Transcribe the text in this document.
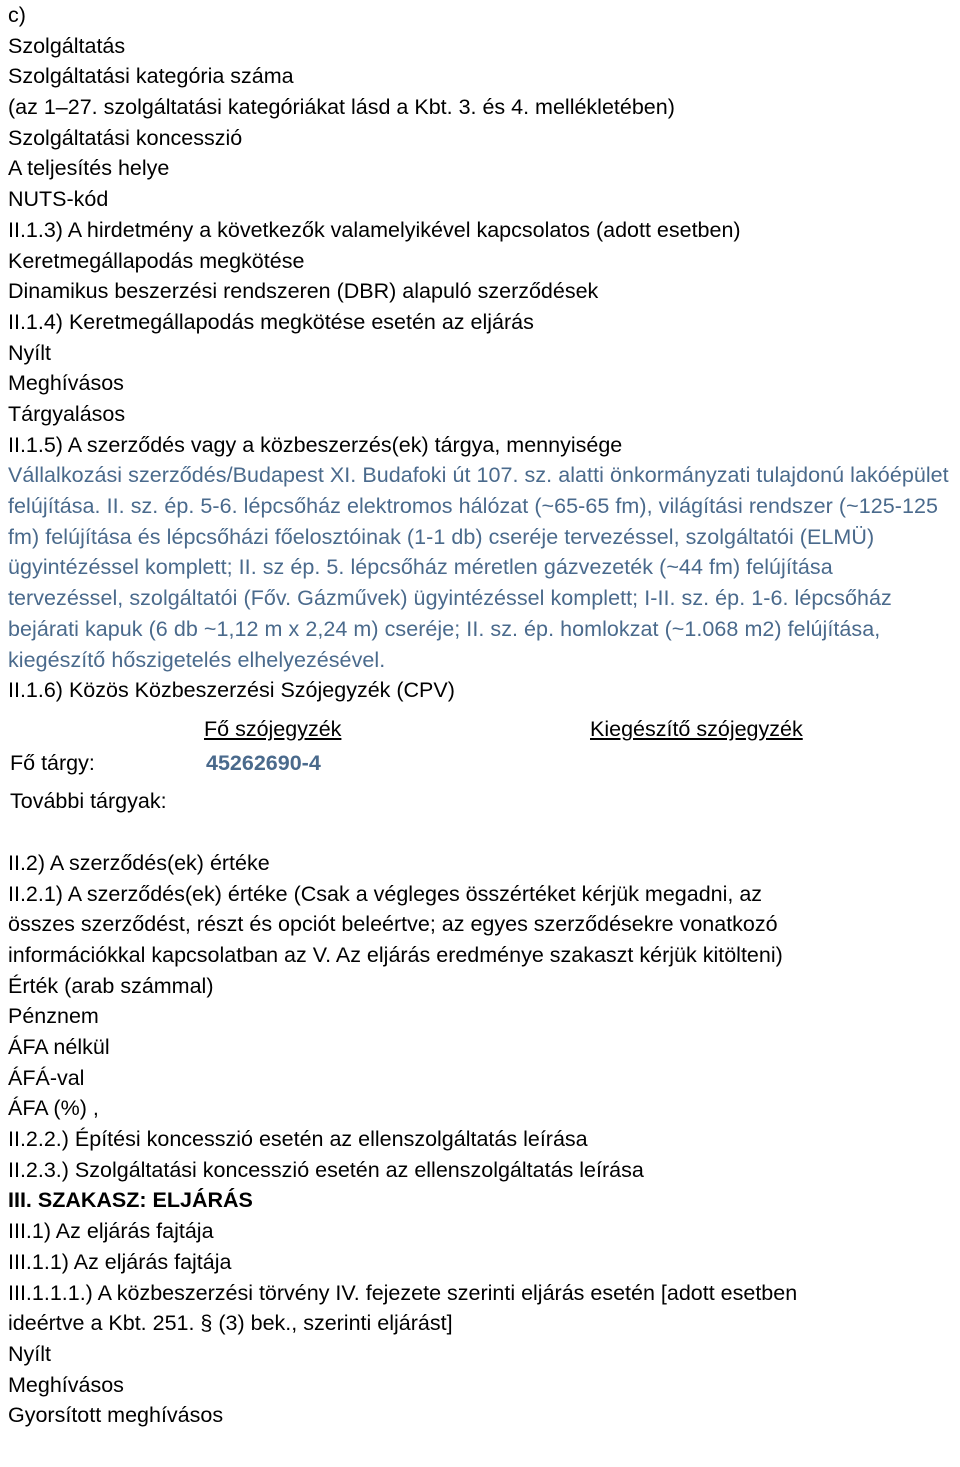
c)
Szolgáltatás
Szolgáltatási kategória száma
(az 1–27. szolgáltatási kategóriákat lásd a Kbt. 3. és 4. mellékletében)
Szolgáltatási koncesszió
A teljesítés helye
NUTS-kód
II.1.3) A hirdetmény a következők valamelyikével kapcsolatos (adott esetben)
Keretmegállapodás megkötése
Dinamikus beszerzési rendszeren (DBR) alapuló szerződések
II.1.4) Keretmegállapodás megkötése esetén az eljárás
Nyílt
Meghívásos
Tárgyalásos
II.1.5) A szerződés vagy a közbeszerzés(ek) tárgya, mennyisége
Vállalkozási szerződés/Budapest XI. Budafoki út 107. sz. alatti önkormányzati tulajdonú lakóépület felújítása. II. sz. ép. 5-6. lépcsőház elektromos hálózat (~65-65 fm), világítási rendszer (~125-125 fm) felújítása és lépcsőházi főelosztóinak (1-1 db) cseréje tervezéssel, szolgáltatói (ELMÜ) ügyintézéssel komplett; II. sz ép. 5. lépcsőház méretlen gázvezeték (~44 fm) felújítása tervezéssel, szolgáltatói (Főv. Gázművek) ügyintézéssel komplett; I-II. sz. ép. 1-6. lépcsőház bejárati kapuk (6 db ~1,12 m x 2,24 m) cseréje; II. sz. ép. homlokzat (~1.068 m2) felújítása, kiegészítő hőszigetelés elhelyezésével.
II.1.6) Közös Közbeszerzési Szójegyzék (CPV)
Fő szójegyzék	Kiegészítő szójegyzék
Fő tárgy:	45262690-4
További tárgyak:
II.2) A szerződés(ek) értéke
II.2.1) A szerződés(ek) értéke (Csak a végleges összértéket kérjük megadni, az
összes szerződést, részt és opciót beleértve; az egyes szerződésekre vonatkozó
információkkal kapcsolatban az V. Az eljárás eredménye szakaszt kérjük kitölteni)
Érték (arab számmal)
Pénznem
ÁFA nélkül
ÁFÁ-val
ÁFA (%) ,
II.2.2.) Építési koncesszió esetén az ellenszolgáltatás leírása
II.2.3.) Szolgáltatási koncesszió esetén az ellenszolgáltatás leírása
III. SZAKASZ: ELJÁRÁS
III.1) Az eljárás fajtája
III.1.1) Az eljárás fajtája
III.1.1.1.) A közbeszerzési törvény IV. fejezete szerinti eljárás esetén [adott esetben
ideértve a Kbt. 251. § (3) bek., szerinti eljárást]
Nyílt
Meghívásos
Gyorsított meghívásos
